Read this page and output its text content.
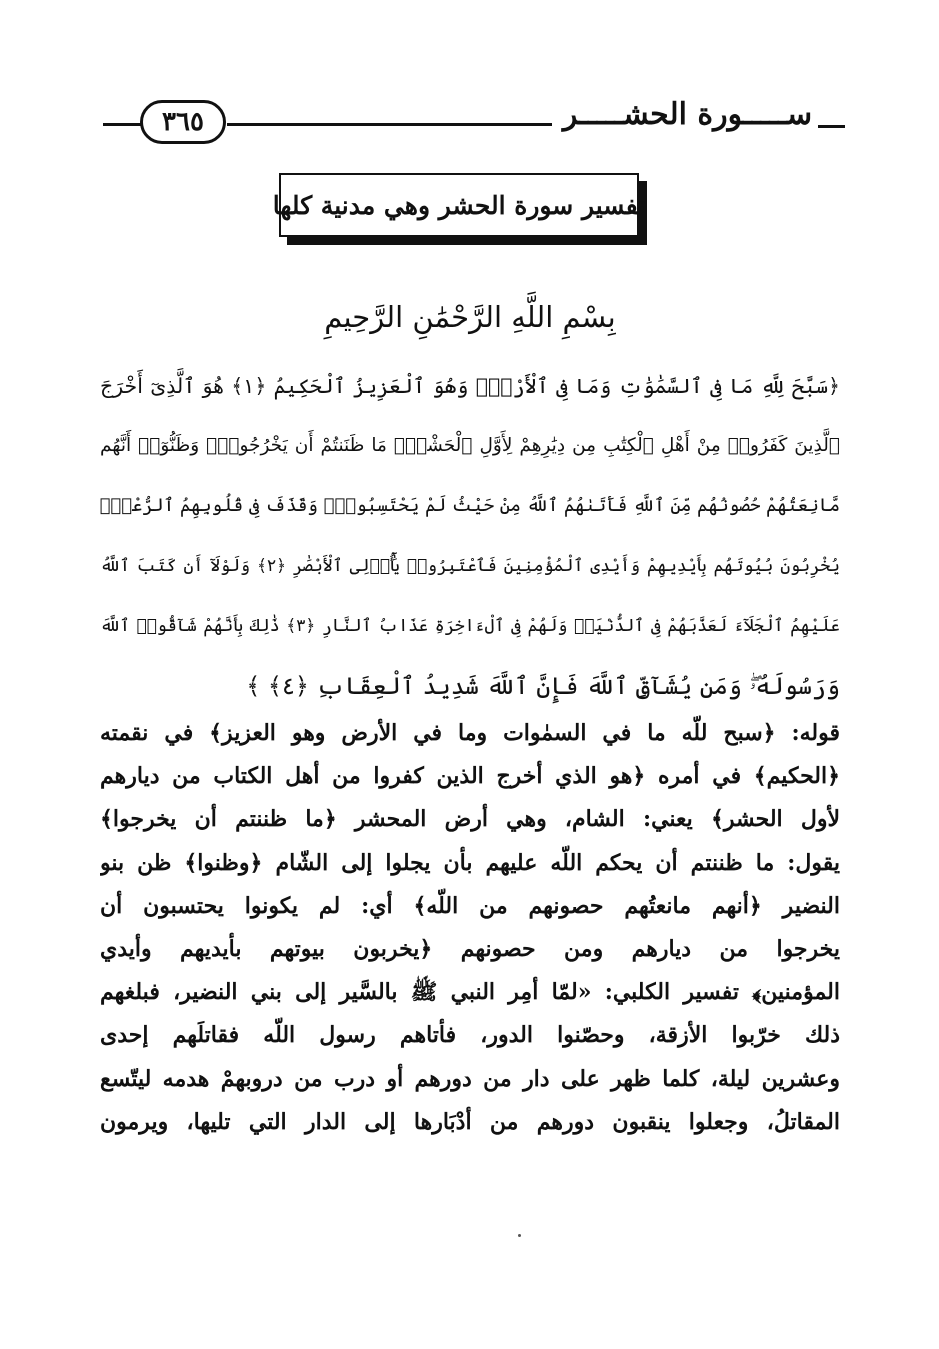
٣٦٥	ســـــورة الحشـــــر
تفسير سورة الحشر وهي مدنية كلها
بِسْمِ اللَّهِ الرَّحْمَٰنِ الرَّحِيمِ
﴿سَبَّحَ لِلَّهِ مَا فِى ٱلسَّمَٰوَٰتِ وَمَا فِى ٱلْأَرْضِۖ وَهُوَ ٱلْعَزِيزُ ٱلْحَكِيمُ ﴿١﴾ هُوَ ٱلَّذِىٓ أَخْرَجَ
ٱلَّذِينَ كَفَرُوا۟ مِنْ أَهْلِ ٱلْكِتَٰبِ مِن دِيَٰرِهِمْ لِأَوَّلِ ٱلْحَشْرِۚ مَا ظَنَنتُمْ أَن يَخْرُجُوا۟ۖ وَظَنُّوٓا۟ أَنَّهُم
مَّانِعَتُهُمْ حُصُونُهُم مِّنَ ٱللَّهِ فَأَتَىٰهُمُ ٱللَّهُ مِنْ حَيْثُ لَمْ يَحْتَسِبُوا۟ۖ وَقَذَفَ فِى قُلُوبِهِمُ ٱلرُّعْبَۚ
يُخْرِبُونَ بُيُوتَهُم بِأَيْدِيهِمْ وَأَيْدِى ٱلْمُؤْمِنِينَ فَٱعْتَبِرُوا۟ يَٰٓأُو۟لِى ٱلْأَبْصَٰرِ ﴿٢﴾ وَلَوْلَآ أَن كَتَبَ ٱللَّهُ
عَلَيْهِمُ ٱلْجَلَآءَ لَعَذَّبَهُمْ فِى ٱلدُّنْيَاۖ وَلَهُمْ فِى ٱلْءَاخِرَةِ عَذَابُ ٱلنَّارِ ﴿٣﴾ ذَٰلِكَ بِأَنَّهُمْ شَآقُّوا۟ ٱللَّهَ
وَرَسُولَهُۥۖ وَمَن يُشَآقِّ ٱللَّهَ فَإِنَّ ٱللَّهَ شَدِيدُ ٱلْعِقَابِ ﴿٤﴾ ﴾
قوله: ﴿سبح للّه ما في السمٰوات وما في الأرض وهو العزيز﴾ في نقمته
﴿الحكيم﴾ في أمره ﴿هو الذي أخرج الذين كفروا من أهل الكتاب من ديارهم
لأول الحشر﴾ يعني: الشام، وهي أرض المحشر ﴿ما ظننتم أن يخرجوا﴾
يقول: ما ظننتم أن يحكم اللّه عليهم بأن يجلوا إلى الشّام ﴿وظنوا﴾ ظن بنو
النضير ﴿أنهم مانعتُهم حصونهم من اللّه﴾ أي: لم يكونوا يحتسبون أن
يخرجوا من ديارهم ومن حصونهم ﴿يخربون بيوتهم بأيديهم وأيدي
المؤمنين﴾ تفسير الكلبي: «لمّا أمِر النبي ﷺ بالسَّير إلى بني النضير، فبلغهم
ذلك خرّبوا الأزقة، وحصّنوا الدور، فأتاهم رسول اللّه فقاتلَهم إحدى
وعشرين ليلة، كلما ظهر على دار من دورهم أو درب من دروبهمْ هدمه ليتّسع
المقاتلُ، وجعلوا ينقبون دورهم من أدْبَارها إلى الدار التي تليها، ويرمون
